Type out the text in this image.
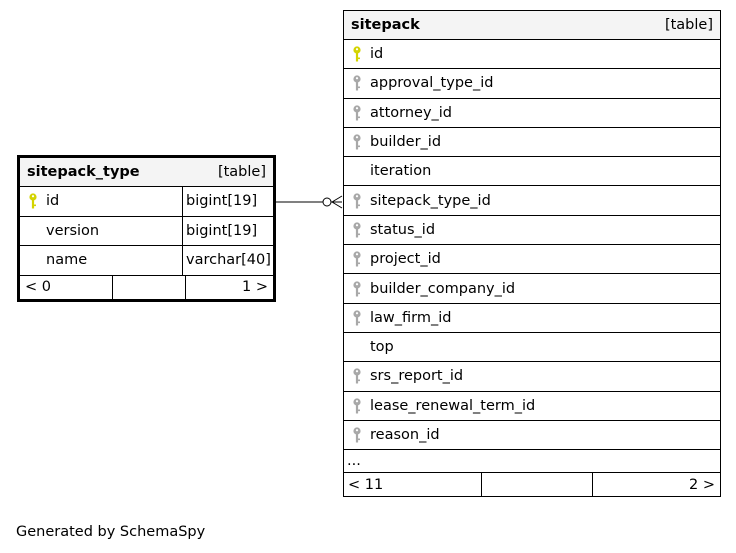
sitepack_type	[table]
id	bigint[19]
version	bigint[19]
name	varchar[40]
< 0	1 >
sitepack	[table]
id
approval_type_id
attorney_id
builder_id
iteration
sitepack_type_id
status_id
project_id
builder_company_id
law_firm_id
top
srs_report_id
lease_renewal_term_id
reason_id
...
< 11	2 >
Generated by SchemaSpy
